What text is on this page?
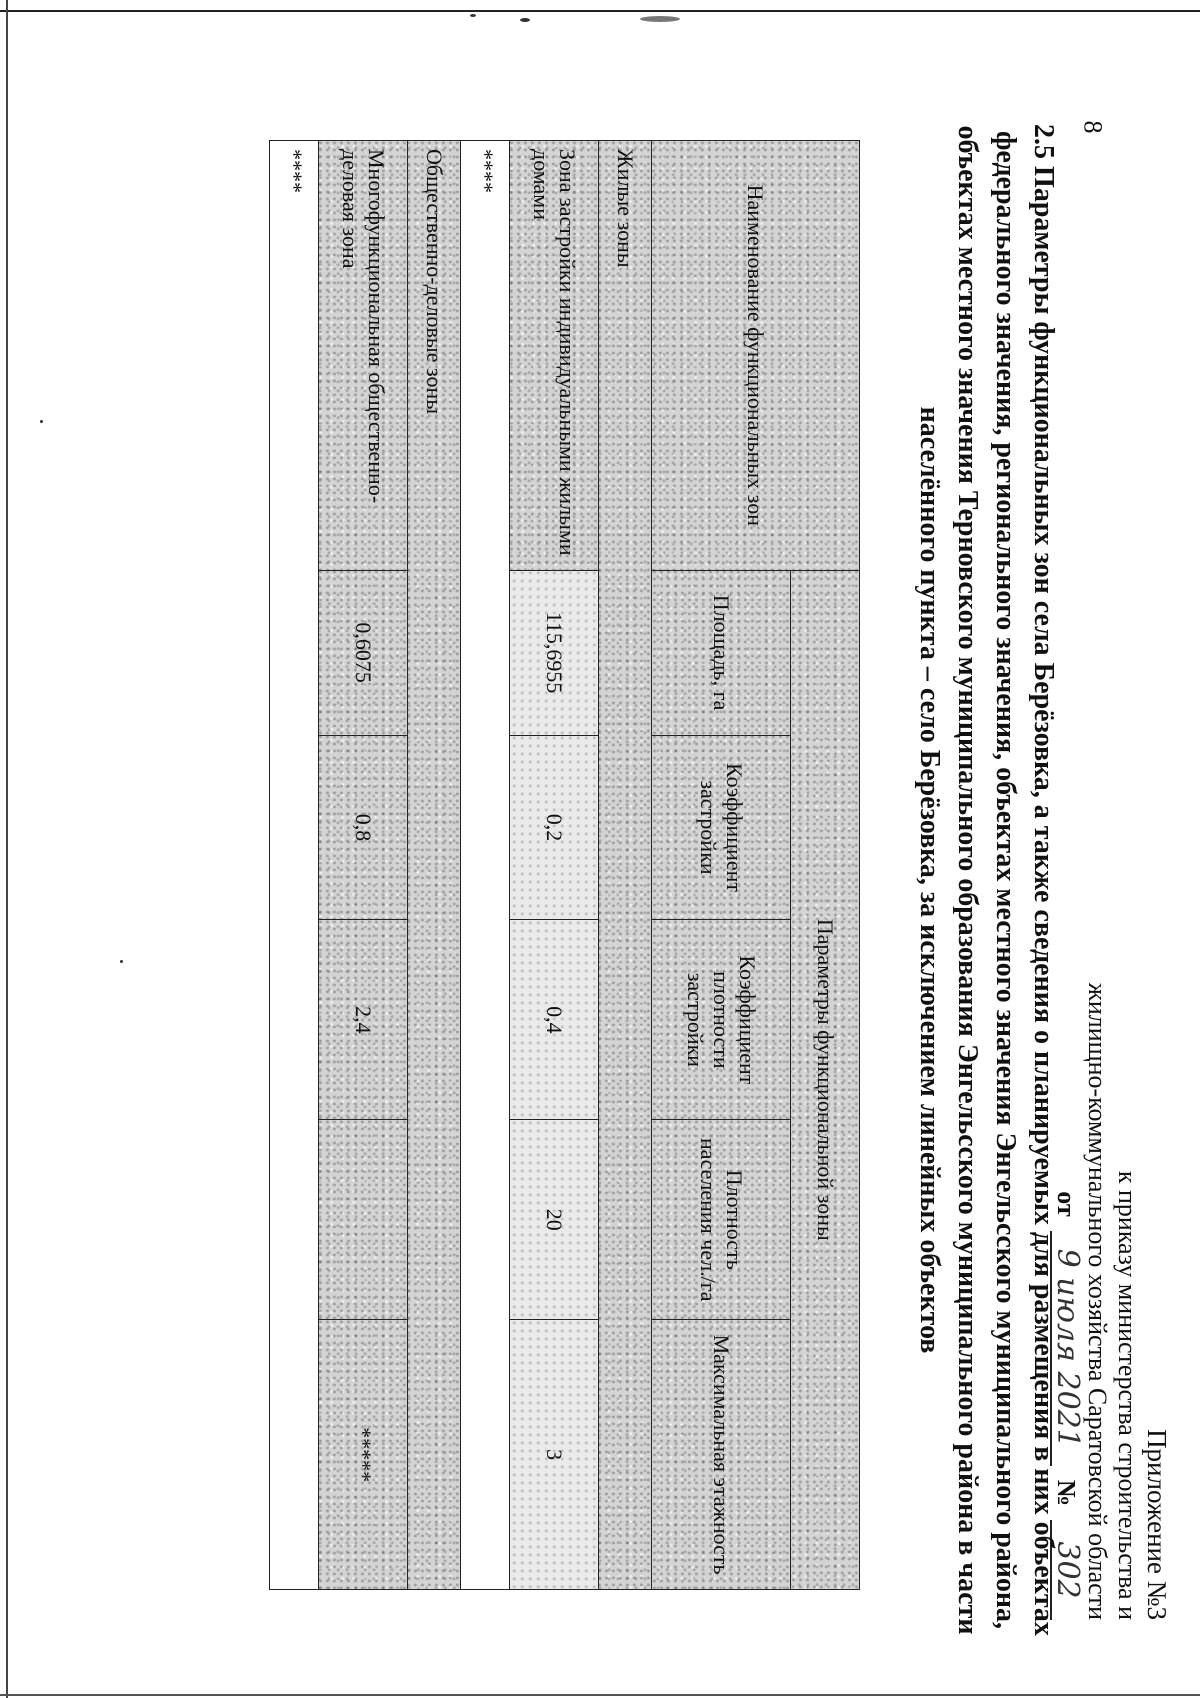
8
Приложение №3
к приказу министерства строительства и
жилищно-коммунального хозяйства Саратовской области
от
9 июля 2021
№
302
2.5 Параметры функциональных зон села Берёзовка, а также сведения о планируемых для размещения в них объектах федерального значения, регионального значения, объектах местного значения Энгельсского муниципального района, объектах местного значения Терновского муниципального образования Энгельсского муниципального района в части населённого пункта – село Берёзовка, за исключением линейных объектов
Наименование функциональных зон	Параметры функциональной зоны				
	Площадь, га	Коэффициент застройки	Коэффициент плотности застройки	Плотность населения чел./га	Максимальная этажность
Жилые зоны					
Зона застройки индивидуальными жилыми домами	115,6955	0,2	0,4	20	3
****					
Общественно-деловые зоны					
Многофункциональная общественно-деловая зона	0,6075	0,8	2,4		*****
****					
